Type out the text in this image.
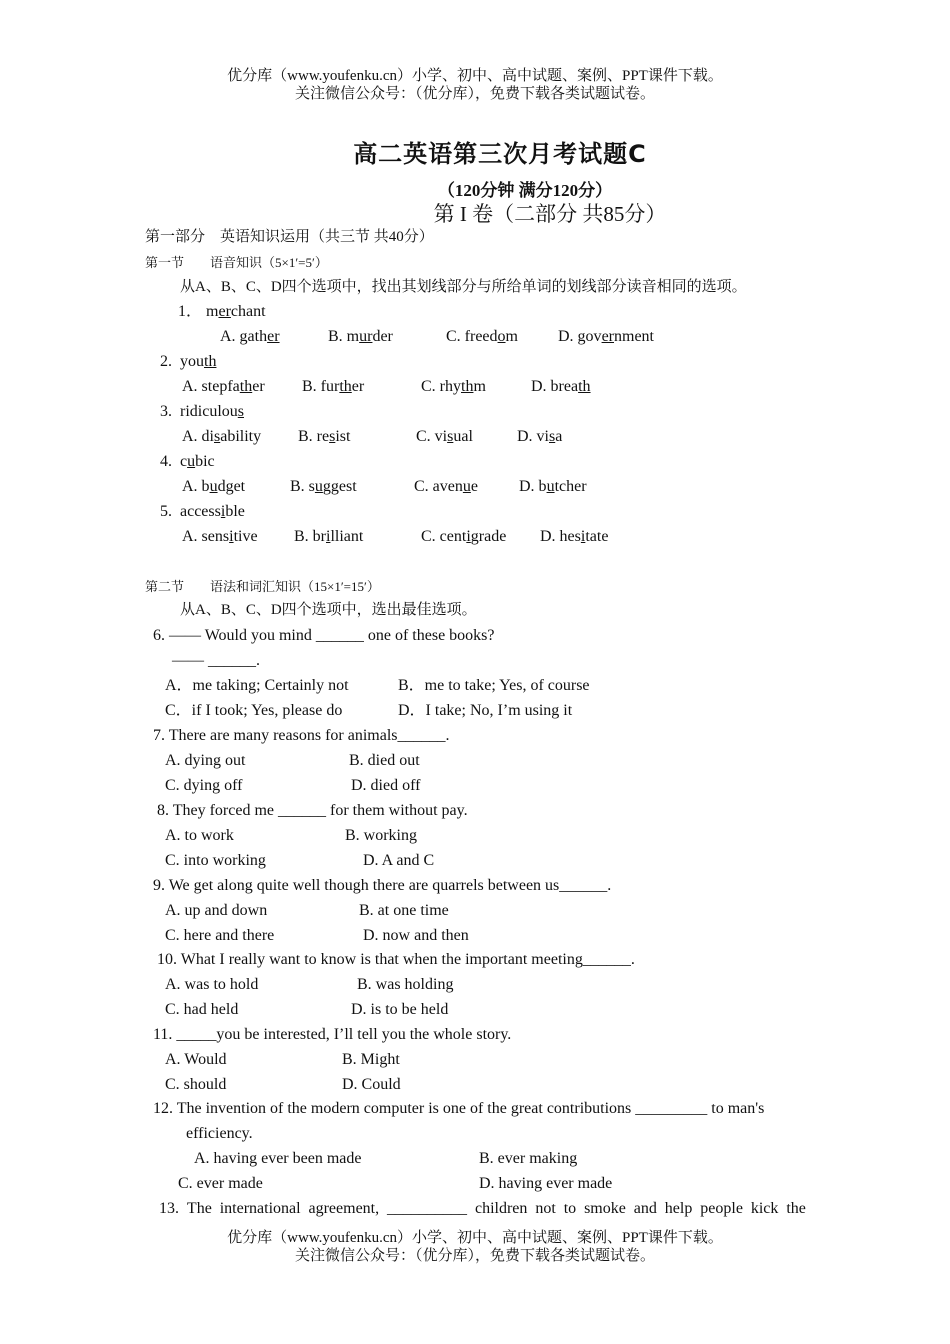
优分库（www.youfenku.cn）小学、初中、高中试题、案例、PPT课件下载。
关注微信公众号：（优分库），免费下载各类试题试卷。
高二英语第三次月考试题C
（120分钟 满分120分）
第 I 卷（二部分 共85分）
第一部分　英语知识运用（共三节 共40分）
第一节　　语音知识（5×1′=5′）
从A、B、C、D四个选项中，找出其划线部分与所给单词的划线部分读音相同的选项。
1． merchant
A. gather	B. murder	C. freedom	D. government
2. youth
A. stepfather B. further	C. rhythm	D. breath
3. ridiculous
A. disability B. resist	C. visual	D. visa
4. cubic
A. budget	B. suggest	C. avenue	D. butcher
5. accessible
A. sensitive B. brilliant	C. centigrade D. hesitate
第二节　　语法和词汇知识（15×1′=15′）
从A、B、C、D四个选项中，选出最佳选项。
6. —— Would you mind ______ one of these books?
—— ______.
A．me taking; Certainly not	B．me to take; Yes, of course
C．if I took; Yes, please do	D．I take; No, I’m using it
7. There are many reasons for animals______.
A. dying out	B. died out
C. dying off	D. died off
8. They forced me ______ for them without pay.
A. to work	B. working
C. into working	D. A and C
9. We get along quite well though there are quarrels between us______.
A. up and down	B. at one time
C. here and there	D. now and then
10. What I really want to know is that when the important meeting______.
A. was to hold	B. was holding
C. had held	D. is to be held
11. _____you be interested, I’ll tell you the whole story.
A. Would	B. Might
C. should	D. Could
12. The invention of the modern computer is one of the great contributions _________ to man's
efficiency.
A. having ever been made	B. ever making
C. ever made	D. having ever made
13. The international agreement, __________ children not to smoke and help people kick the
优分库（www.youfenku.cn）小学、初中、高中试题、案例、PPT课件下载。
关注微信公众号：（优分库），免费下载各类试题试卷。
